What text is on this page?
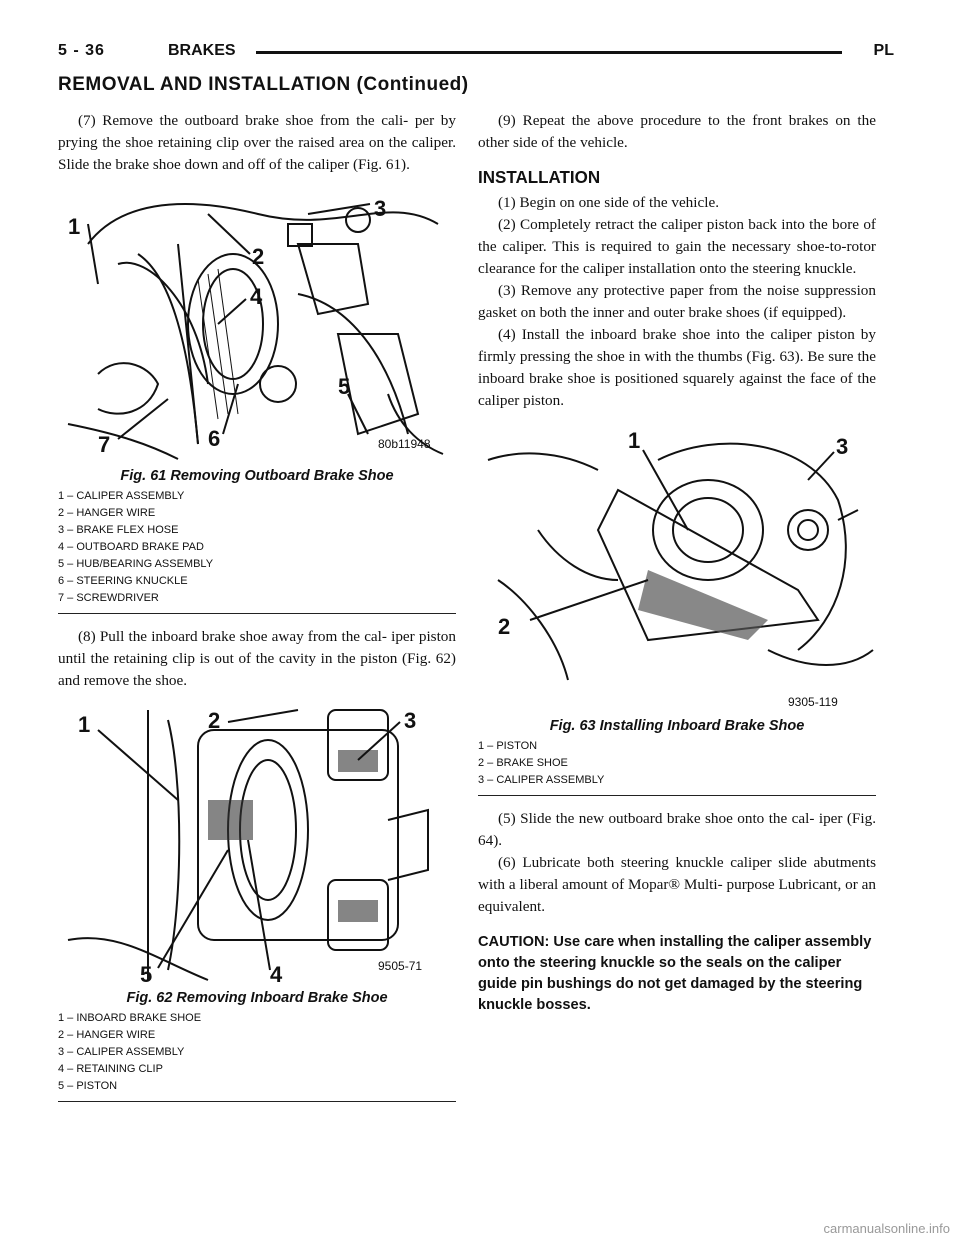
5 - 36	BRAKES	PL
REMOVAL AND INSTALLATION (Continued)

(7) Remove the outboard brake shoe from the cali- per by prying the shoe retaining clip over the raised area on the caliper. Slide the brake shoe down and off of the caliper (Fig. 61).

1
2
3
4
5
6
7	80b11948
Fig. 61 Removing Outboard Brake Shoe
1 – CALIPER ASSEMBLY
2 – HANGER WIRE
3 – BRAKE FLEX HOSE
4 – OUTBOARD BRAKE PAD
5 – HUB/BEARING ASSEMBLY
6 – STEERING KNUCKLE
7 – SCREWDRIVER

(8) Pull the inboard brake shoe away from the cal- iper piston until the retaining clip is out of the cavity in the piston (Fig. 62) and remove the shoe.

1	2	3
4
5	9505-71
Fig. 62 Removing Inboard Brake Shoe
1 – INBOARD BRAKE SHOE
2 – HANGER WIRE
3 – CALIPER ASSEMBLY
4 – RETAINING CLIP
5 – PISTON

(9) Repeat the above procedure to the front brakes on the other side of the vehicle.

INSTALLATION

(1) Begin on one side of the vehicle.

(2) Completely retract the caliper piston back into the bore of the caliper. This is required to gain the necessary shoe-to-rotor clearance for the caliper installation onto the steering knuckle.

(3) Remove any protective paper from the noise suppression gasket on both the inner and outer brake shoes (if equipped).

(4) Install the inboard brake shoe into the caliper piston by firmly pressing the shoe in with the thumbs (Fig. 63). Be sure the inboard brake shoe is positioned squarely against the face of the caliper piston.

1	3
2
9305-119
Fig. 63 Installing Inboard Brake Shoe
1 – PISTON
2 – BRAKE SHOE
3 – CALIPER ASSEMBLY

(5) Slide the new outboard brake shoe onto the cal- iper (Fig. 64).

(6) Lubricate both steering knuckle caliper slide abutments with a liberal amount of Mopar® Multi- purpose Lubricant, or an equivalent.

CAUTION: Use care when installing the caliper assembly onto the steering knuckle so the seals on the caliper guide pin bushings do not get damaged by the steering knuckle bosses.

carmanualsonline.info
